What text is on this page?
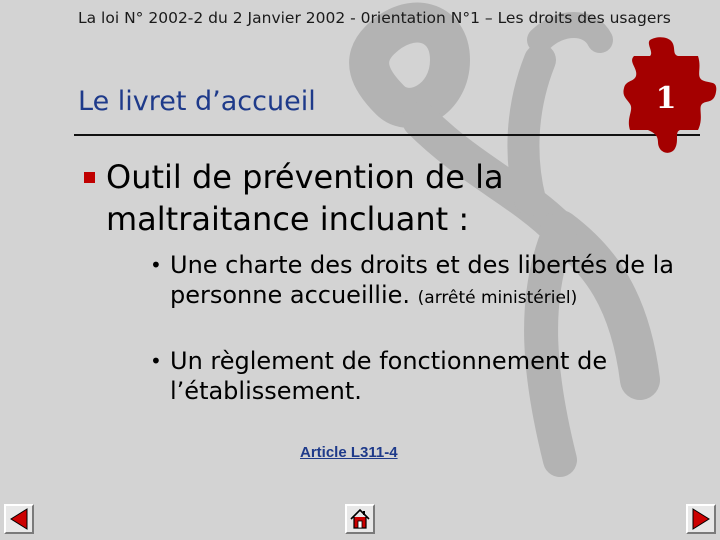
La loi N° 2002-2 du 2 Janvier 2002 - 0rientation N°1 – Les droits des usagers
Le livret d’accueil	1
Outil de prévention de la maltraitance incluant :
• Une charte des droits et des libertés de la personne accueillie. (arrêté ministériel)
• Un règlement de fonctionnement de l’établissement.
Article L311-4
